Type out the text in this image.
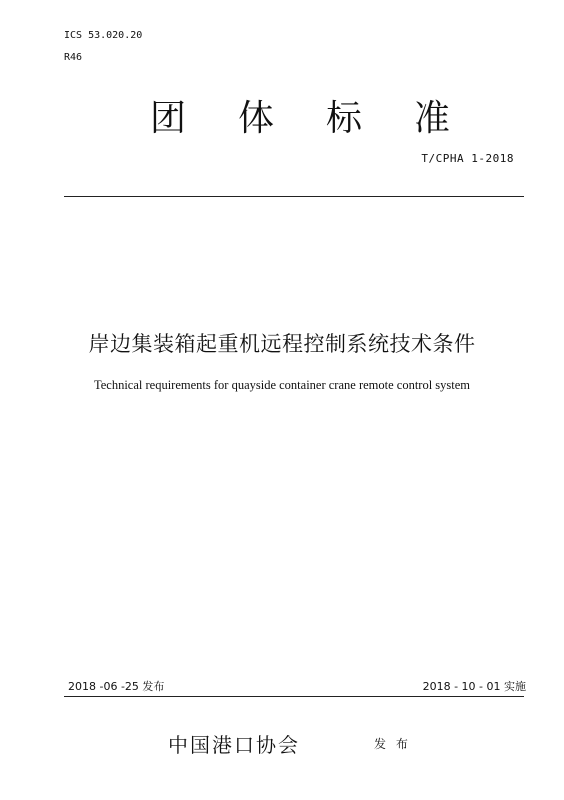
ICS 53.020.20
R46
团 体 标 准
T/CPHA 1-2018
岸边集装箱起重机远程控制系统技术条件
Technical requirements for quayside container crane remote control system
2018 -06 -25 发布	2018 - 10 - 01 实施
中国港口协会	发 布
